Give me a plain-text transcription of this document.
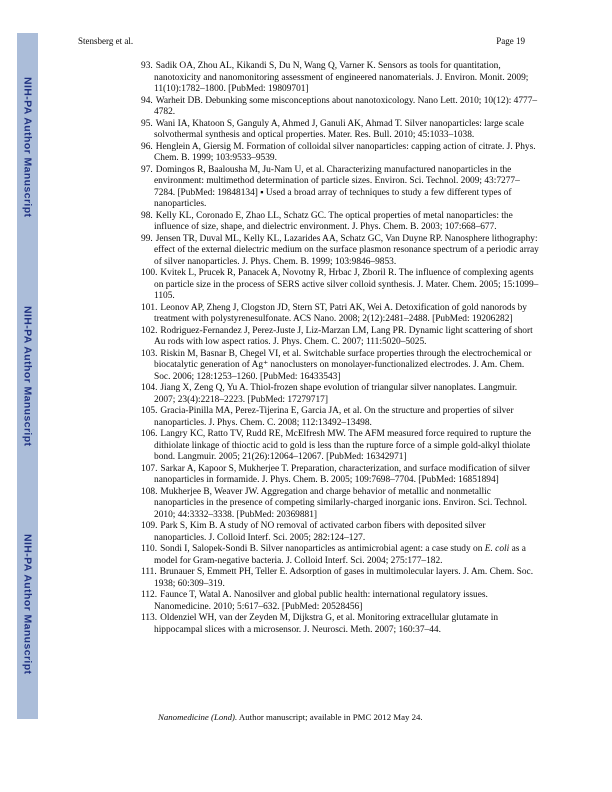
NIH-PA Author Manuscript
NIH-PA Author Manuscript
NIH-PA Author Manuscript
Stensberg et al.	Page 19
93. Sadik OA, Zhou AL, Kikandi S, Du N, Wang Q, Varner K. Sensors as tools for quantitation, nanotoxicity and nanomonitoring assessment of engineered nanomaterials. J. Environ. Monit. 2009; 11(10):1782–1800. [PubMed: 19809701]
94. Warheit DB. Debunking some misconceptions about nanotoxicology. Nano Lett. 2010; 10(12): 4777–4782.
95. Wani IA, Khatoon S, Ganguly A, Ahmed J, Ganuli AK, Ahmad T. Silver nanoparticles: large scale solvothermal synthesis and optical properties. Mater. Res. Bull. 2010; 45:1033–1038.
96. Henglein A, Giersig M. Formation of colloidal silver nanoparticles: capping action of citrate. J. Phys. Chem. B. 1999; 103:9533–9539.
97. Domingos R, Baalousha M, Ju-Nam U, et al. Characterizing manufactured nanoparticles in the environment: multimethod determination of particle sizes. Environ. Sci. Technol. 2009; 43:7277–7284. [PubMed: 19848134] ▪ Used a broad array of techniques to study a few different types of nanoparticles.
98. Kelly KL, Coronado E, Zhao LL, Schatz GC. The optical properties of metal nanoparticles: the influence of size, shape, and dielectric environment. J. Phys. Chem. B. 2003; 107:668–677.
99. Jensen TR, Duval ML, Kelly KL, Lazarides AA, Schatz GC, Van Duyne RP. Nanosphere lithography: effect of the external dielectric medium on the surface plasmon resonance spectrum of a periodic array of silver nanoparticles. J. Phys. Chem. B. 1999; 103:9846–9853.
100. Kvitek L, Prucek R, Panacek A, Novotny R, Hrbac J, Zboril R. The influence of complexing agents on particle size in the process of SERS active silver colloid synthesis. J. Mater. Chem. 2005; 15:1099–1105.
101. Leonov AP, Zheng J, Clogston JD, Stern ST, Patri AK, Wei A. Detoxification of gold nanorods by treatment with polystyrenesulfonate. ACS Nano. 2008; 2(12):2481–2488. [PubMed: 19206282]
102. Rodriguez-Fernandez J, Perez-Juste J, Liz-Marzan LM, Lang PR. Dynamic light scattering of short Au rods with low aspect ratios. J. Phys. Chem. C. 2007; 111:5020–5025.
103. Riskin M, Basnar B, Chegel VI, et al. Switchable surface properties through the electrochemical or biocatalytic generation of Ag⁺ nanoclusters on monolayer-functionalized electrodes. J. Am. Chem. Soc. 2006; 128:1253–1260. [PubMed: 16433543]
104. Jiang X, Zeng Q, Yu A. Thiol-frozen shape evolution of triangular silver nanoplates. Langmuir. 2007; 23(4):2218–2223. [PubMed: 17279717]
105. Gracia-Pinilla MA, Perez-Tijerina E, Garcia JA, et al. On the structure and properties of silver nanoparticles. J. Phys. Chem. C. 2008; 112:13492–13498.
106. Langry KC, Ratto TV, Rudd RE, McElfresh MW. The AFM measured force required to rupture the dithiolate linkage of thioctic acid to gold is less than the rupture force of a simple gold-alkyl thiolate bond. Langmuir. 2005; 21(26):12064–12067. [PubMed: 16342971]
107. Sarkar A, Kapoor S, Mukherjee T. Preparation, characterization, and surface modification of silver nanoparticles in formamide. J. Phys. Chem. B. 2005; 109:7698–7704. [PubMed: 16851894]
108. Mukherjee B, Weaver JW. Aggregation and charge behavior of metallic and nonmetallic nanoparticles in the presence of competing similarly-charged inorganic ions. Environ. Sci. Technol. 2010; 44:3332–3338. [PubMed: 20369881]
109. Park S, Kim B. A study of NO removal of activated carbon fibers with deposited silver nanoparticles. J. Colloid Interf. Sci. 2005; 282:124–127.
110. Sondi I, Salopek-Sondi B. Silver nanoparticles as antimicrobial agent: a case study on E. coli as a model for Gram-negative bacteria. J. Colloid Interf. Sci. 2004; 275:177–182.
111. Brunauer S, Emmett PH, Teller E. Adsorption of gases in multimolecular layers. J. Am. Chem. Soc. 1938; 60:309–319.
112. Faunce T, Watal A. Nanosilver and global public health: international regulatory issues. Nanomedicine. 2010; 5:617–632. [PubMed: 20528456]
113. Oldenziel WH, van der Zeyden M, Dijkstra G, et al. Monitoring extracellular glutamate in hippocampal slices with a microsensor. J. Neurosci. Meth. 2007; 160:37–44.
Nanomedicine (Lond). Author manuscript; available in PMC 2012 May 24.
